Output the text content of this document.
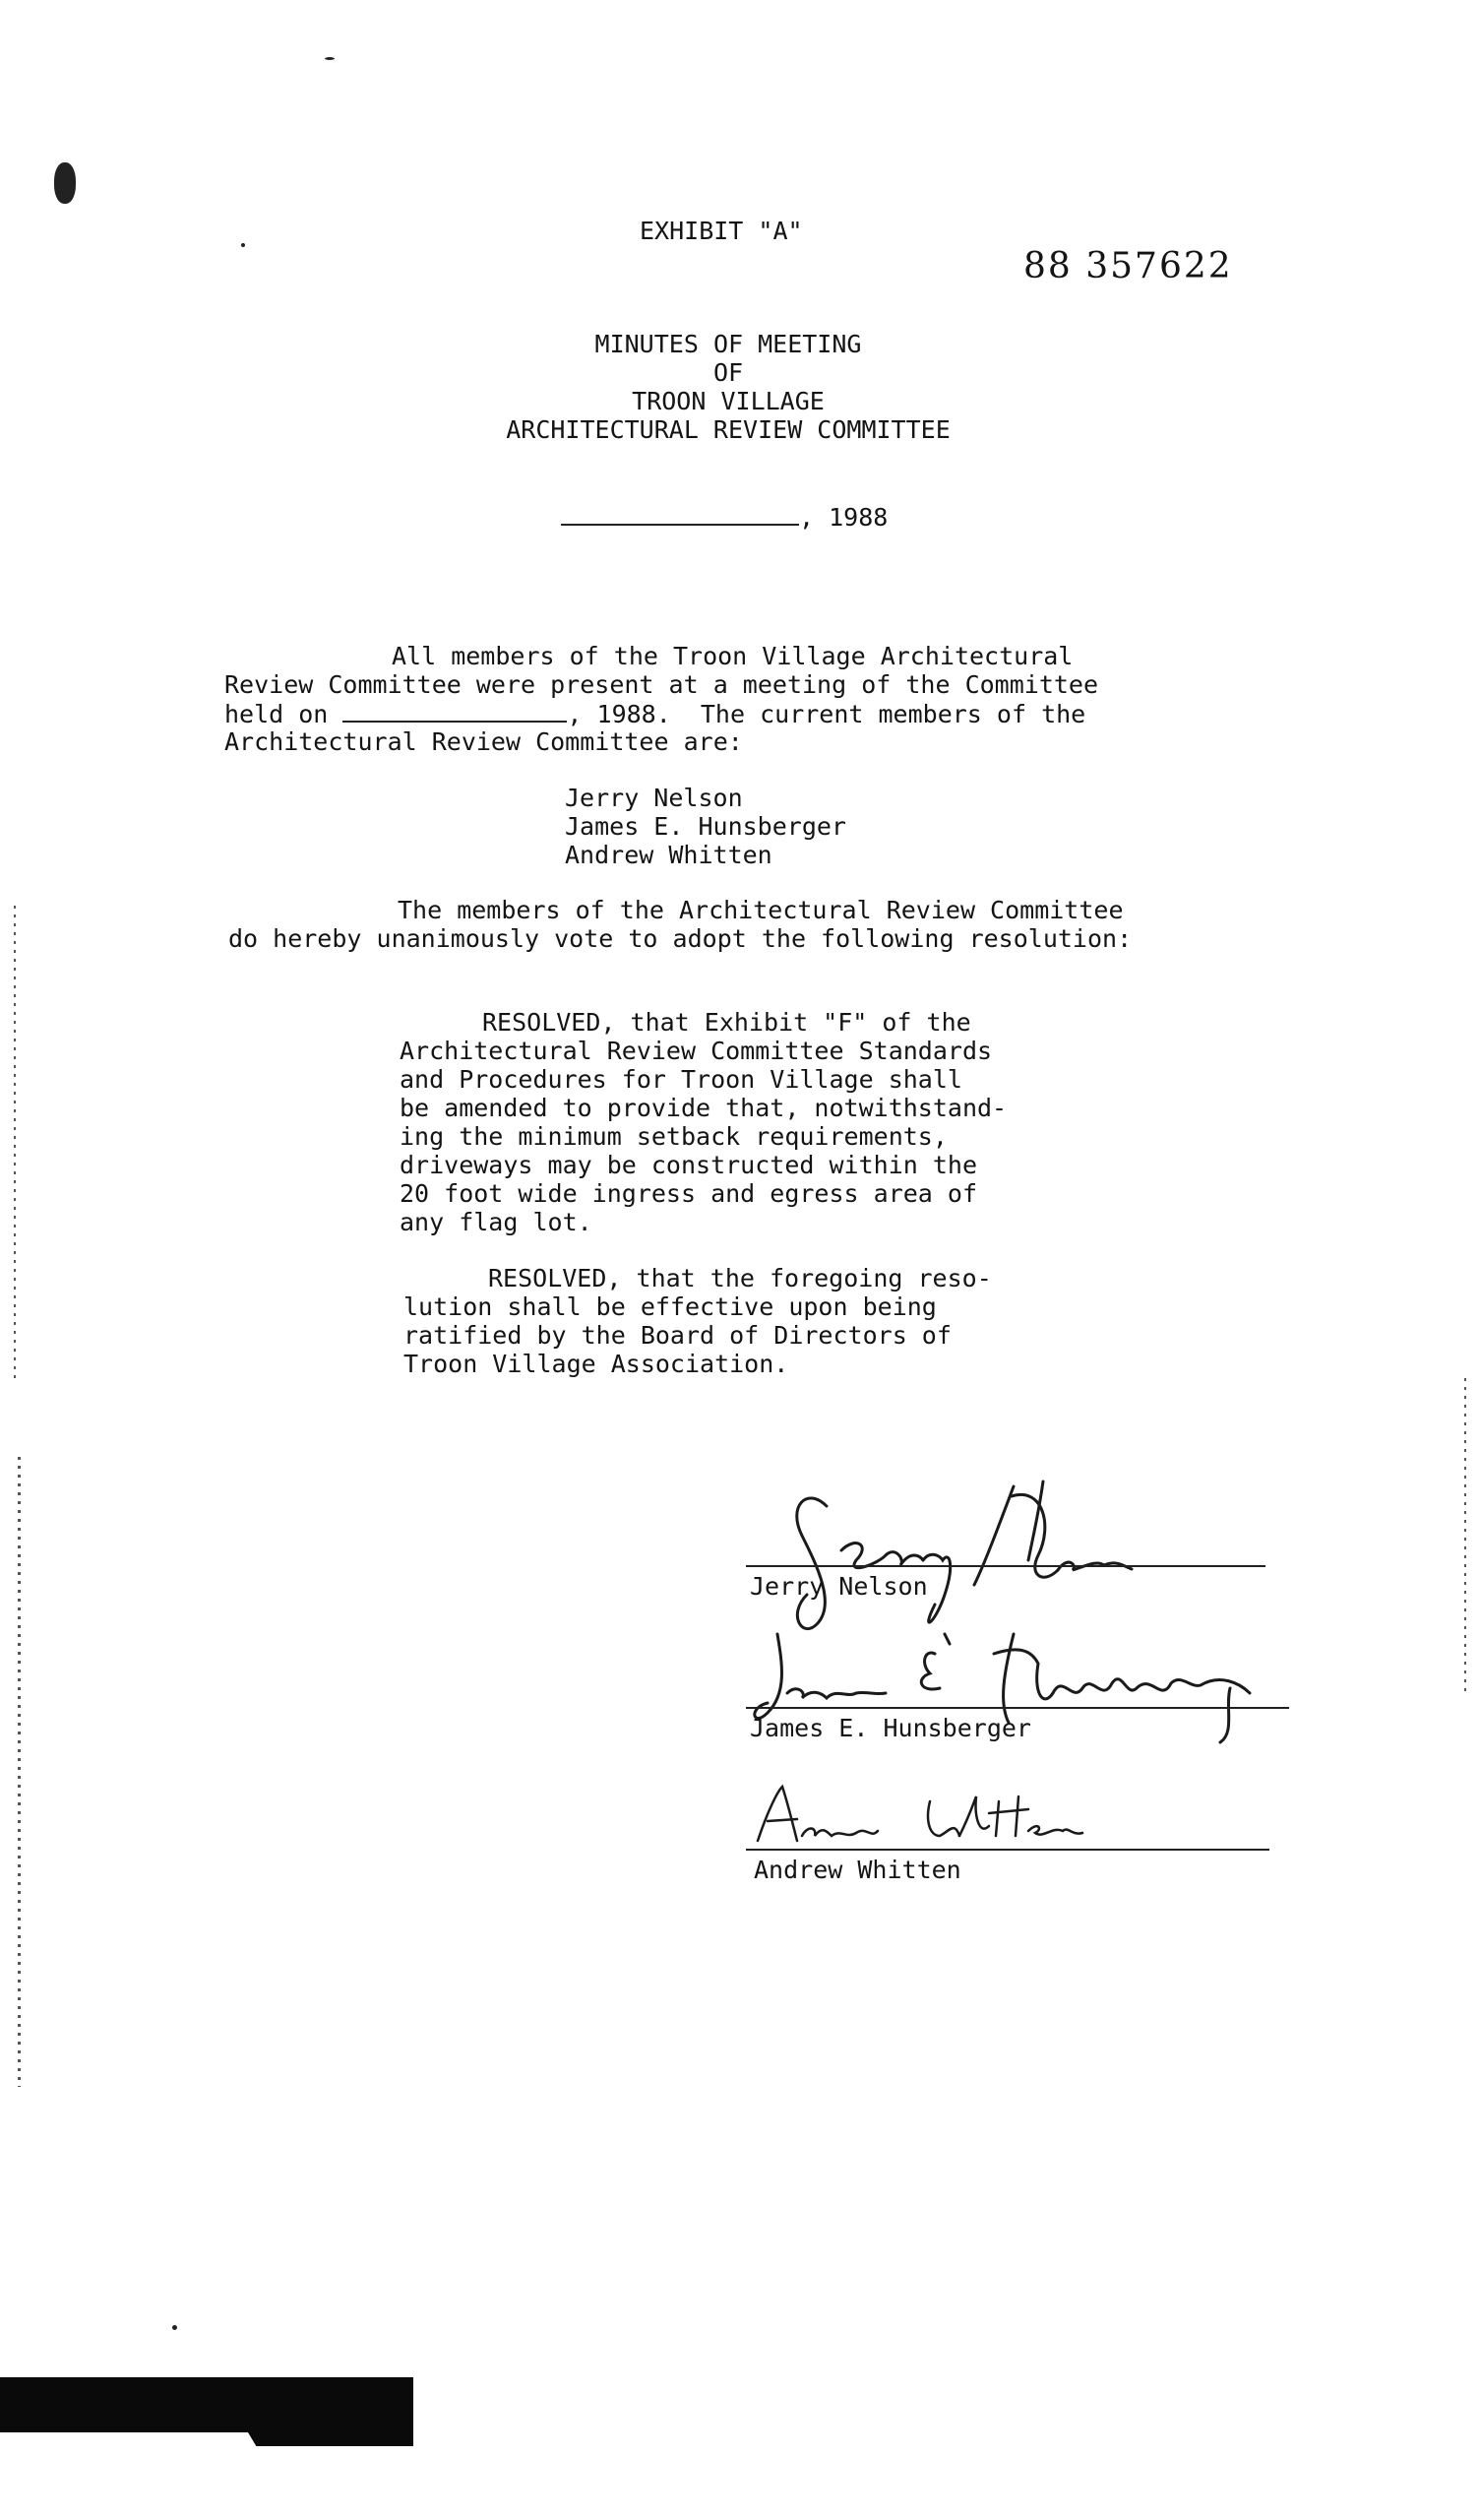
EXHIBIT "A"
88 357622
MINUTES OF MEETING
OF
TROON VILLAGE
ARCHITECTURAL REVIEW COMMITTEE
, 1988
All members of the Troon Village Architectural
Review Committee were present at a meeting of the Committee
held on	, 1988.  The current members of the
Architectural Review Committee are:
Jerry Nelson
James E. Hunsberger
Andrew Whitten
The members of the Architectural Review Committee
do hereby unanimously vote to adopt the following resolution:
RESOLVED, that Exhibit "F" of the
Architectural Review Committee Standards
and Procedures for Troon Village shall
be amended to provide that, notwithstand-
ing the minimum setback requirements,
driveways may be constructed within the
20 foot wide ingress and egress area of
any flag lot.
RESOLVED, that the foregoing reso-
lution shall be effective upon being
ratified by the Board of Directors of
Troon Village Association.
Jerry Nelson
James E. Hunsberger
Andrew Whitten
